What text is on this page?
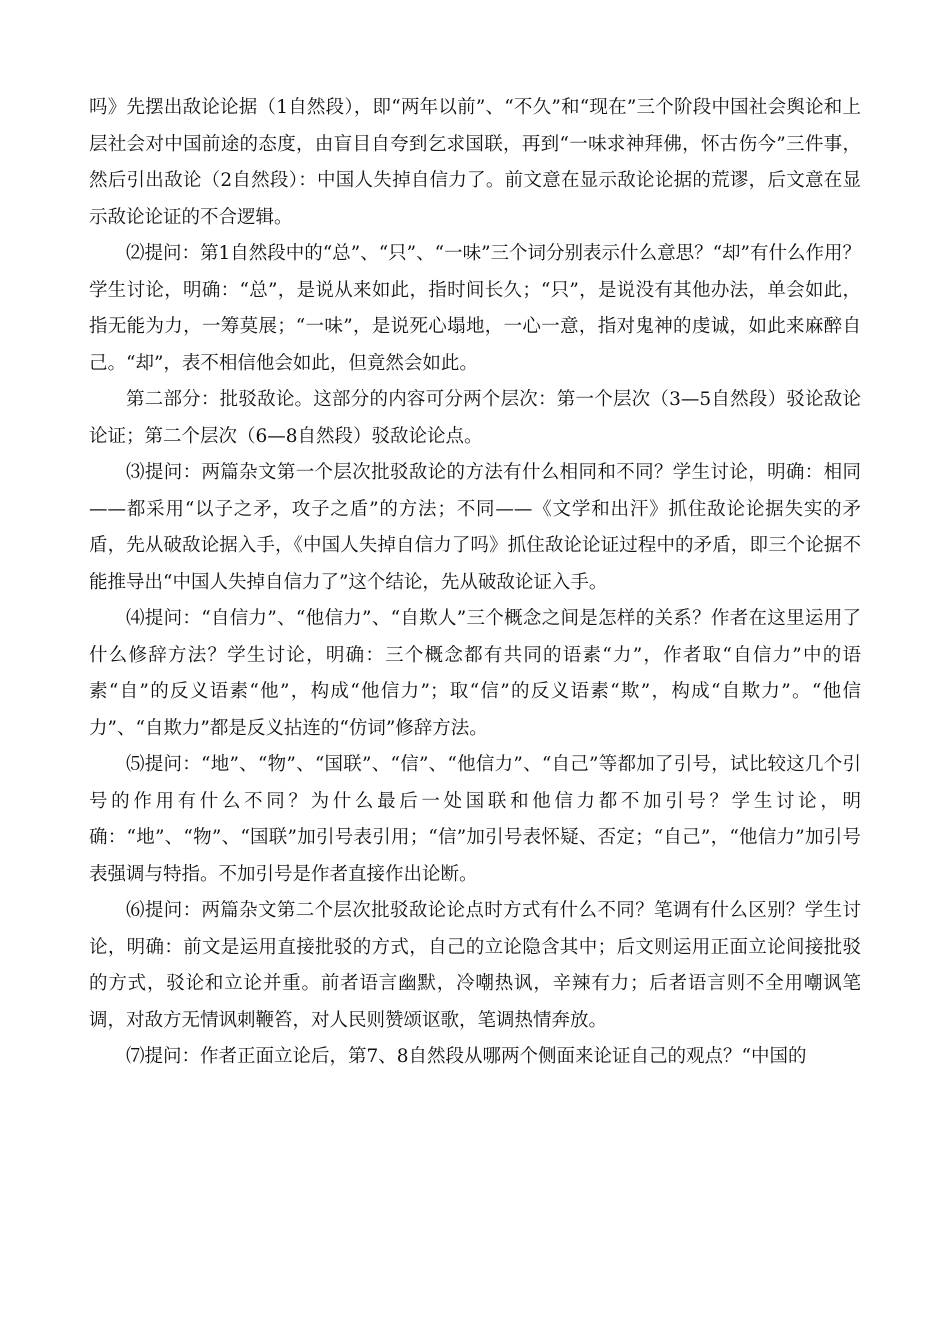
吗》先摆出敌论论据（1自然段），即“两年以前”、“不久”和“现在”三个阶段中国社会舆论和上层社会对中国前途的态度，由盲目自夸到乞求国联，再到“一味求神拜佛，怀古伤今”三件事，然后引出敌论（2自然段）：中国人失掉自信力了。前文意在显示敌论论据的荒谬，后文意在显示敌论论证的不合逻辑。

⑵提问：第1自然段中的“总”、“只”、“一味”三个词分别表示什么意思？“却”有什么作用？学生讨论，明确：“总”，是说从来如此，指时间长久；“只”，是说没有其他办法，单会如此，指无能为力，一筹莫展；“一味”，是说死心塌地，一心一意，指对鬼神的虔诚，如此来麻醉自己。“却”，表不相信他会如此，但竟然会如此。

第二部分：批驳敌论。这部分的内容可分两个层次：第一个层次（3—5自然段）驳论敌论论证；第二个层次（6—8自然段）驳敌论论点。

⑶提问：两篇杂文第一个层次批驳敌论的方法有什么相同和不同？学生讨论，明确：相同——都采用“以子之矛，攻子之盾”的方法；不同——《文学和出汗》抓住敌论论据失实的矛盾，先从破敌论据入手，《中国人失掉自信力了吗》抓住敌论论证过程中的矛盾，即三个论据不能推导出“中国人失掉自信力了”这个结论，先从破敌论证入手。

⑷提问：“自信力”、“他信力”、“自欺人”三个概念之间是怎样的关系？作者在这里运用了什么修辞方法？学生讨论，明确：三个概念都有共同的语素“力”，作者取“自信力”中的语素“自”的反义语素“他”，构成“他信力”；取“信”的反义语素“欺”，构成“自欺力”。“他信力”、“自欺力”都是反义拈连的“仿词”修辞方法。

⑸提问：“地”、“物”、“国联”、“信”、“他信力”、“自己”等都加了引号，试比较这几个引号的作用有什么不同？为什么最后一处国联和他信力都不加引号？学生讨论，明确：“地”、“物”、“国联”加引号表引用；“信”加引号表怀疑、否定；“自己”，“他信力”加引号表强调与特指。不加引号是作者直接作出论断。

⑹提问：两篇杂文第二个层次批驳敌论论点时方式有什么不同？笔调有什么区别？学生讨论，明确：前文是运用直接批驳的方式，自己的立论隐含其中；后文则运用正面立论间接批驳的方式，驳论和立论并重。前者语言幽默，冷嘲热讽，辛辣有力；后者语言则不全用嘲讽笔调，对敌方无情讽刺鞭笞，对人民则赞颂讴歌，笔调热情奔放。

⑺提问：作者正面立论后，第7、8自然段从哪两个侧面来论证自己的观点？“中国的
